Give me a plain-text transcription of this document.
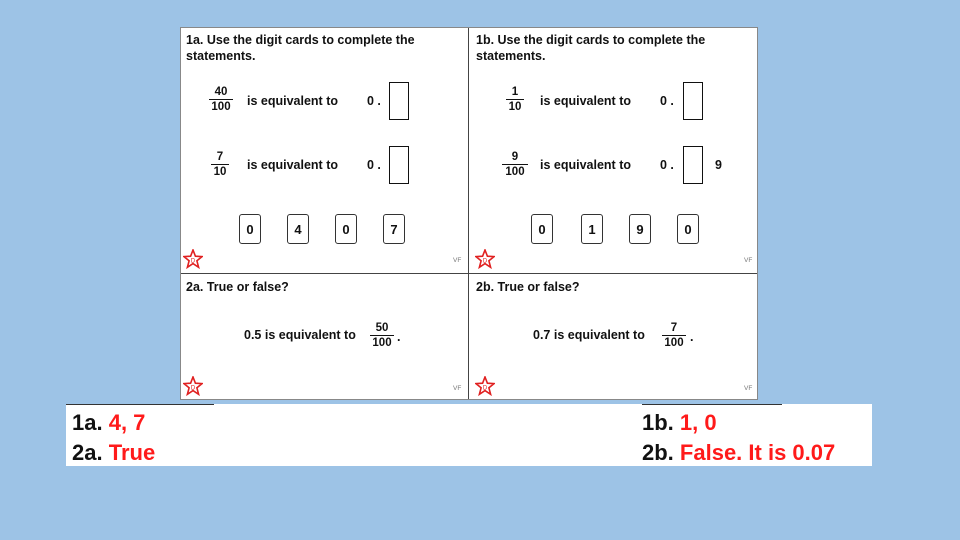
1a. Use the digit cards to complete the statements.
40
100 is equivalent to 0 .
7
10
is equivalent to 0 .
0	4	0	7
D	VF
1b. Use the digit cards to complete the statements.
1
10 is equivalent to 0 .
9
100
is equivalent to 0 .	9
0	1	9	0
D	VF
2a. True or false?
0.5 is equivalent to 50
100 .
D	VF
2b. True or false?
0.7 is equivalent to 7
100 .
D	VF
1a. 4, 7
2a. True
1b. 1, 0
2b. False. It is 0.07
